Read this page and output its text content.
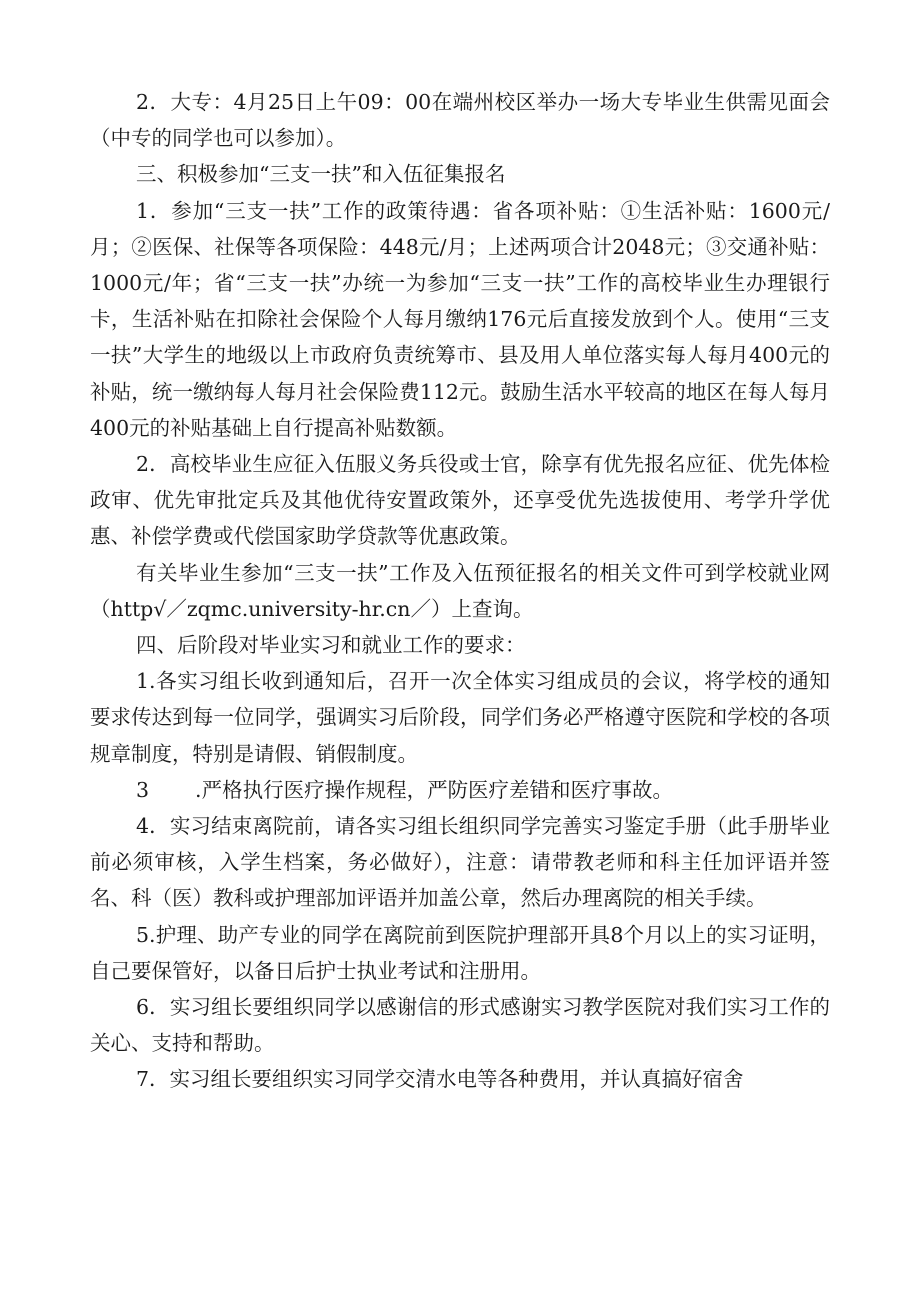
2．大专：4月25日上午09：00在端州校区举办一场大专毕业生供需见面会（中专的同学也可以参加）。

三、积极参加“三支一扶”和入伍征集报名

1．参加“三支一扶”工作的政策待遇：省各项补贴：①生活补贴：1600元/月；②医保、社保等各项保险：448元/月；上述两项合计2048元；③交通补贴：1000元/年；省“三支一扶”办统一为参加“三支一扶”工作的高校毕业生办理银行卡，生活补贴在扣除社会保险个人每月缴纳176元后直接发放到个人。使用“三支一扶”大学生的地级以上市政府负责统筹市、县及用人单位落实每人每月400元的补贴，统一缴纳每人每月社会保险费112元。鼓励生活水平较高的地区在每人每月400元的补贴基础上自行提高补贴数额。

2．高校毕业生应征入伍服义务兵役或士官，除享有优先报名应征、优先体检政审、优先审批定兵及其他优待安置政策外，还享受优先选拔使用、考学升学优惠、补偿学费或代偿国家助学贷款等优惠政策。

有关毕业生参加“三支一扶”工作及入伍预征报名的相关文件可到学校就业网（http√／zqmc.university-hr.cn／）上查询。

四、后阶段对毕业实习和就业工作的要求：

1.各实习组长收到通知后，召开一次全体实习组成员的会议，将学校的通知要求传达到每一位同学，强调实习后阶段，同学们务必严格遵守医院和学校的各项规章制度，特别是请假、销假制度。

3 .严格执行医疗操作规程，严防医疗差错和医疗事故。

4．实习结束离院前，请各实习组长组织同学完善实习鉴定手册（此手册毕业前必须审核，入学生档案，务必做好），注意：请带教老师和科主任加评语并签名、科（医）教科或护理部加评语并加盖公章，然后办理离院的相关手续。

5.护理、助产专业的同学在离院前到医院护理部开具8个月以上的实习证明，自己要保管好，以备日后护士执业考试和注册用。

6．实习组长要组织同学以感谢信的形式感谢实习教学医院对我们实习工作的关心、支持和帮助。

7．实习组长要组织实习同学交清水电等各种费用，并认真搞好宿舍
